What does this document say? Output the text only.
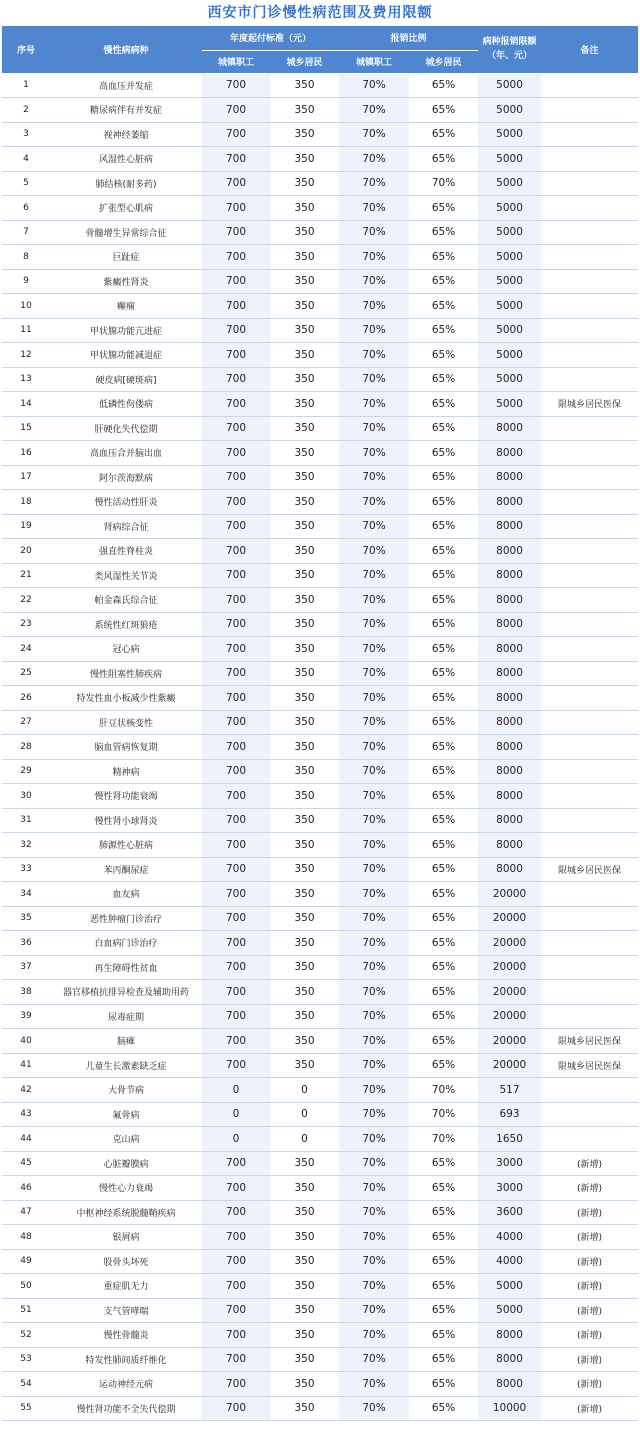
西安市门诊慢性病范围及费用限额
序号	慢性病病种	年度起付标准（元）		报销比例		病种报销限额（年、元）	备注
		城镇职工	城乡居民	城镇职工	城乡居民		
1	高血压并发症	700	350	70%	65%	5000	
2	糖尿病伴有并发症	700	350	70%	65%	5000	
3	视神经萎缩	700	350	70%	65%	5000	
4	风湿性心脏病	700	350	70%	65%	5000	
5	肺结核(耐多药)	700	350	70%	70%	5000	
6	扩张型心肌病	700	350	70%	65%	5000	
7	骨髓增生异常综合征	700	350	70%	65%	5000	
8	巨趾症	700	350	70%	65%	5000	
9	紫癜性肾炎	700	350	70%	65%	5000	
10	癫痫	700	350	70%	65%	5000	
11	甲状腺功能亢进症	700	350	70%	65%	5000	
12	甲状腺功能减退症	700	350	70%	65%	5000	
13	硬皮病[硬斑病]	700	350	70%	65%	5000	
14	低磷性佝偻病	700	350	70%	65%	5000	限城乡居民医保
15	肝硬化失代偿期	700	350	70%	65%	8000	
16	高血压合并脑出血	700	350	70%	65%	8000	
17	阿尔茨海默病	700	350	70%	65%	8000	
18	慢性活动性肝炎	700	350	70%	65%	8000	
19	肾病综合征	700	350	70%	65%	8000	
20	强直性脊柱炎	700	350	70%	65%	8000	
21	类风湿性关节炎	700	350	70%	65%	8000	
22	帕金森氏综合征	700	350	70%	65%	8000	
23	系统性红斑狼疮	700	350	70%	65%	8000	
24	冠心病	700	350	70%	65%	8000	
25	慢性阻塞性肺疾病	700	350	70%	65%	8000	
26	特发性血小板减少性紫癜	700	350	70%	65%	8000	
27	肝豆状核变性	700	350	70%	65%	8000	
28	脑血管病恢复期	700	350	70%	65%	8000	
29	精神病	700	350	70%	65%	8000	
30	慢性肾功能衰竭	700	350	70%	65%	8000	
31	慢性肾小球肾炎	700	350	70%	65%	8000	
32	肺源性心脏病	700	350	70%	65%	8000	
33	苯丙酮尿症	700	350	70%	65%	8000	限城乡居民医保
34	血友病	700	350	70%	65%	20000	
35	恶性肿瘤门诊治疗	700	350	70%	65%	20000	
36	白血病门诊治疗	700	350	70%	65%	20000	
37	再生障碍性贫血	700	350	70%	65%	20000	
38	器官移植抗排异检查及辅助用药	700	350	70%	65%	20000	
39	尿毒症期	700	350	70%	65%	20000	
40	脑瘫	700	350	70%	65%	20000	限城乡居民医保
41	儿童生长激素缺乏症	700	350	70%	65%	20000	限城乡居民医保
42	大骨节病	0	0	70%	70%	517	
43	氟骨病	0	0	70%	70%	693	
44	克山病	0	0	70%	70%	1650	
45	心脏瓣膜病	700	350	70%	65%	3000	(新增)
46	慢性心力衰竭	700	350	70%	65%	3000	(新增)
47	中枢神经系统脱髓鞘疾病	700	350	70%	65%	3600	(新增)
48	银屑病	700	350	70%	65%	4000	(新增)
49	股骨头坏死	700	350	70%	65%	4000	(新增)
50	重症肌无力	700	350	70%	65%	5000	(新增)
51	支气管哮喘	700	350	70%	65%	5000	(新增)
52	慢性骨髓炎	700	350	70%	65%	8000	(新增)
53	特发性肺间质纤维化	700	350	70%	65%	8000	(新增)
54	运动神经元病	700	350	70%	65%	8000	(新增)
55	慢性肾功能不全失代偿期	700	350	70%	65%	10000	(新增)
